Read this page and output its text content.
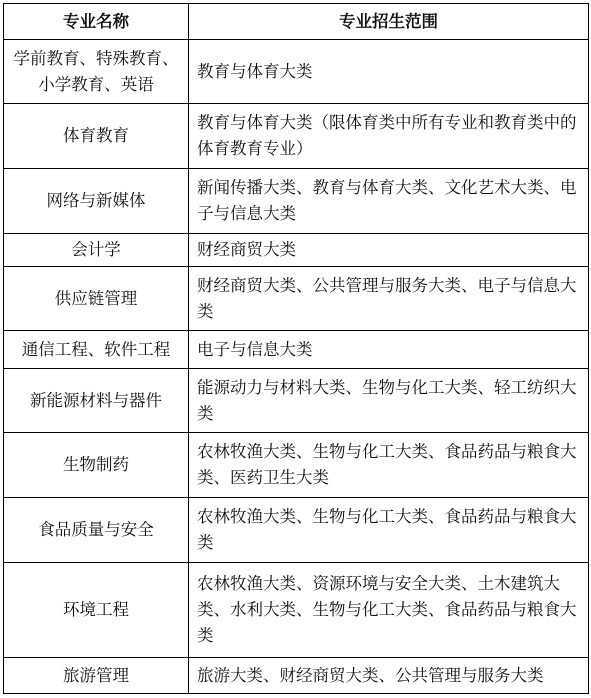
专业名称	专业招生范围
学前教育、特殊教育、小学教育、英语	教育与体育大类
体育教育	教育与体育大类（限体育类中所有专业和教育类中的体育教育专业）
网络与新媒体	新闻传播大类、教育与体育大类、文化艺术大类、电子与信息大类
会计学	财经商贸大类
供应链管理	财经商贸大类、公共管理与服务大类、电子与信息大类
通信工程、软件工程	电子与信息大类
新能源材料与器件	能源动力与材料大类、生物与化工大类、轻工纺织大类
生物制药	农林牧渔大类、生物与化工大类、食品药品与粮食大类、医药卫生大类
食品质量与安全	农林牧渔大类、生物与化工大类、食品药品与粮食大类
环境工程	农林牧渔大类、资源环境与安全大类、土木建筑大类、水利大类、生物与化工大类、食品药品与粮食大类
旅游管理	旅游大类、财经商贸大类、公共管理与服务大类
